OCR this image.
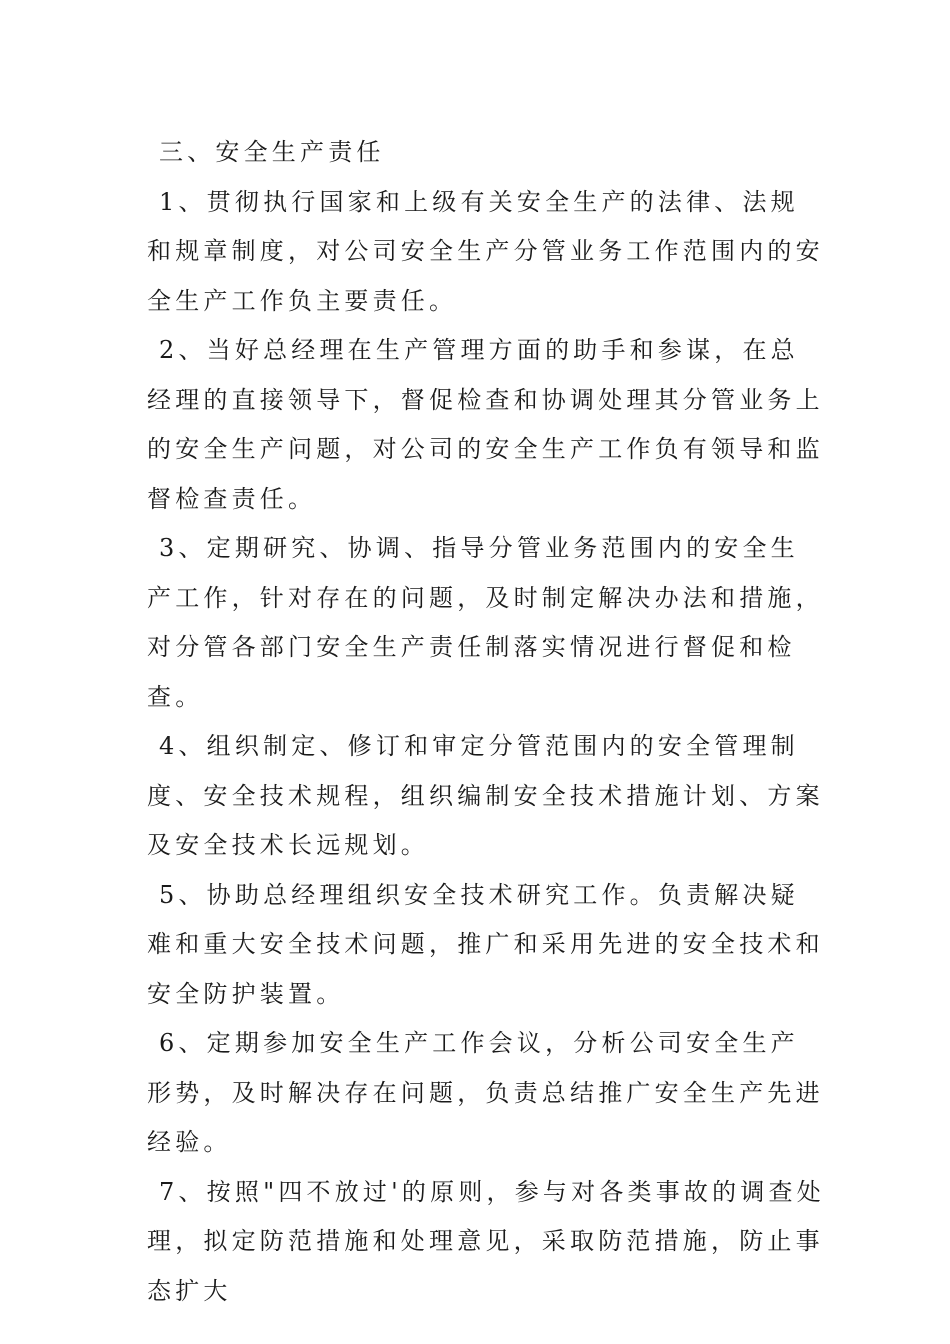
三、安全生产责任

1、贯彻执行国家和上级有关安全生产的法律、法规和规章制度，对公司安全生产分管业务工作范围内的安全生产工作负主要责任。

2、当好总经理在生产管理方面的助手和参谋，在总经理的直接领导下，督促检查和协调处理其分管业务上的安全生产问题，对公司的安全生产工作负有领导和监督检查责任。

3、定期研究、协调、指导分管业务范围内的安全生产工作，针对存在的问题，及时制定解决办法和措施，对分管各部门安全生产责任制落实情况进行督促和检查。

4、组织制定、修订和审定分管范围内的安全管理制度、安全技术规程，组织编制安全技术措施计划、方案及安全技术长远规划。

5、协助总经理组织安全技术研究工作。负责解决疑难和重大安全技术问题，推广和采用先进的安全技术和安全防护装置。

6、定期参加安全生产工作会议，分析公司安全生产形势，及时解决存在问题，负责总结推广安全生产先进经验。

7、按照"四不放过'的原则，参与对各类事故的调查处理，拟定防范措施和处理意见，采取防范措施，防止事态扩大
